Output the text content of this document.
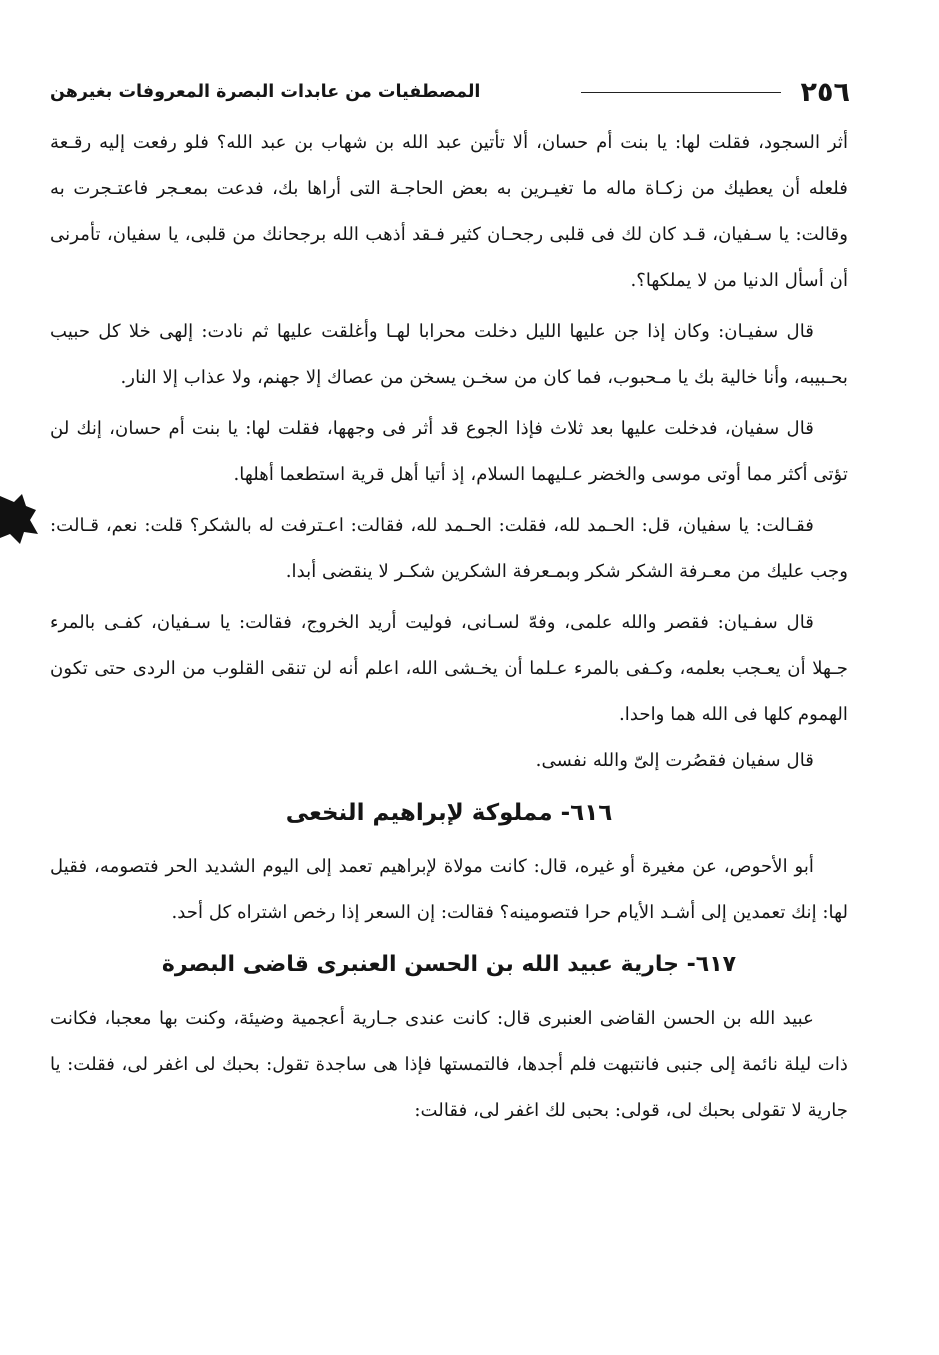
٢٥٦
المصطفيات من عابدات البصرة المعروفات بغيرهن

أثر السجود، فقلت لها: يا بنت أم حسان، ألا تأتين عبد الله بن شهاب بن عبد الله؟ فلو رفعت إليه رقـعة فلعله أن يعطيك من زكـاة ماله ما تغيـرين به بعض الحاجـة التى أراها بك، فدعت بمعـجر فاعتـجرت به وقالت: يا سـفيان، قـد كان لك فى قلبى رجحـان كثير فـقد أذهب الله برجحانك من قلبى، يا سفيان، تأمرنى أن أسأل الدنيا من لا يملكها؟.

قال سفيـان: وكان إذا جن عليها الليل دخلت محرابا لهـا وأغلقت عليها ثم نادت: إلهى خلا كل حبيب بحـبيبه، وأنا خالية بك يا مـحبوب، فما كان من سخـن يسخن من عصاك إلا جهنم، ولا عذاب إلا النار.

قال سفيان، فدخلت عليها بعد ثلاث فإذا الجوع قد أثر فى وجهها، فقلت لها: يا بنت أم حسان، إنك لن تؤتى أكثر مما أوتى موسى والخضر عـليهما السلام، إذ أتيا أهل قرية استطعما أهلها.

فقـالت: يا سفيان، قل: الحـمد لله، فقلت: الحـمد لله، فقالت: اعـترفت له بالشكر؟ قلت: نعم، قـالت: وجب عليك من معـرفة الشكر شكر وبمـعرفة الشكرين شكـر لا ينقضى أبدا.

قال سفـيان: فقصر والله علمى، وفهّ لسـانى، فوليت أريد الخروج، فقالت: يا سـفيان، كفـى بالمرء جـهلا أن يعـجب بعلمه، وكـفى بالمرء عـلما أن يخـشى الله، اعلم أنه لن تنقى القلوب من الردى حتى تكون الهموم كلها فى الله هما واحدا.

قال سفيان فقصُرت إلىّ والله نفسى.

٦١٦- مملوكة لإبراهيم النخعى

أبو الأحوص، عن مغيرة أو غيره، قال: كانت مولاة لإبراهيم تعمد إلى اليوم الشديد الحر فتصومه، فقيل لها: إنك تعمدين إلى أشـد الأيام حرا فتصومينه؟ فقالت: إن السعر إذا رخص اشتراه كل أحد.

٦١٧- جارية عبيد الله بن الحسن العنبرى قاضى البصرة

عبيد الله بن الحسن القاضى العنبرى قال: كانت عندى جـارية أعجمية وضيئة، وكنت بها معجبا، فكانت ذات ليلة نائمة إلى جنبى فانتبهت فلم أجدها، فالتمستها فإذا هى ساجدة تقول: بحبك لى اغفر لى، فقلت: يا جارية لا تقولى بحبك لى، قولى: بحبى لك اغفر لى، فقالت:
